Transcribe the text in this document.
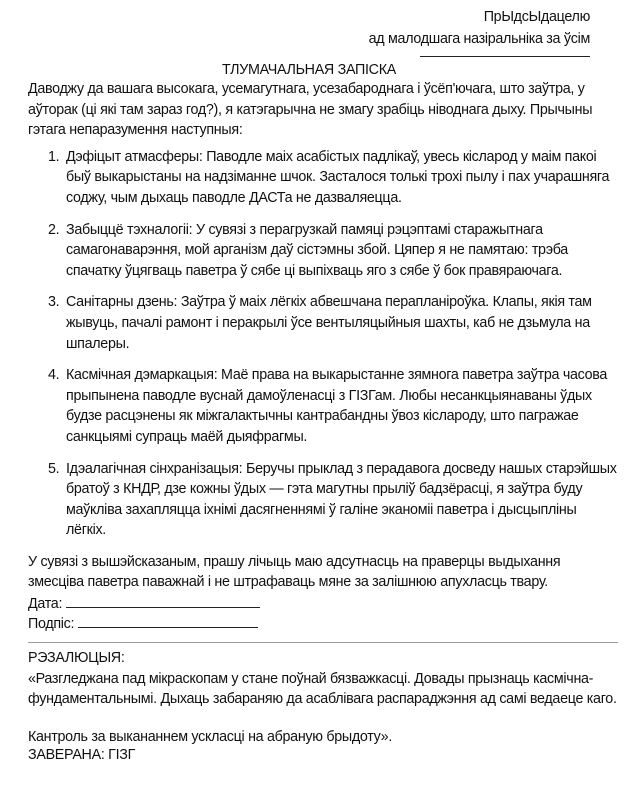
ПрЫдсЫдацелю
ад малодшага назіральніка за ўсім
ТЛУМАЧАЛЬНАЯ ЗАПІСКА
Даводжу да вашага высокага, усемагутнага, усезабароднага і ўсёп'ючага, што заўтра, у аўторак (ці які там зараз год?), я катэгарычна не змагу зрабіць ніводнага дыху. Прычыны гэтага непаразумення наступныя:
1. Дэфіцыт атмасферы: Паводле маіх асабістых падлікаў, увесь кісларод у маім пакоі быў выкарыстаны на надзіманне шчок. Засталося толькі трохі пылу і пах учарашняга соджу, чым дыхаць паводле ДАСТа не дазваляецца.
2. Забыццё тэхналогіі: У сувязі з перагрузкай памяці рэцэптамі старажытнага самагонаварэння, мой арганізм даў сістэмны збой. Цяпер я не памятаю: трэба спачатку ўцягваць паветра ў сябе ці выпіхваць яго з сябе ў бок правяраючага.
3. Санітарны дзень: Заўтра ў маіх лёгкіх абвешчана перапланіроўка. Клапы, якія там жывуць, пачалі рамонт і перакрылі ўсе вентыляцыйныя шахты, каб не дзьмула на шпалеры.
4. Касмічная дэмаркацыя: Маё права на выкарыстанне зямнога паветра заўтра часова прыпынена паводле вуснай дамоўленасці з ГІЗГам. Любы несанкцыянаваны ўдых будзе расцэнены як міжгалактычны кантрабандны ўвоз кіслароду, што пагражае санкцыямі супраць маёй дыяфрагмы.
5. Ідэалагічная сінхранізацыя: Беручы прыклад з перадавога досведу нашых старэйшых братоў з КНДР, дзе кожны ўдых — гэта магутны прыліў бадзёрасці, я заўтра буду маўкліва захапляцца іхнімі дасягненнямі ў галіне эканоміі паветра і дысцыпліны лёгкіх.
У сувязі з вышэйсказаным, прашу лічыць маю адсутнасць на праверцы выдыхання змесціва паветра паважнай і не штрафаваць мяне за залішнюю апухласць твару.
Дата:
Подпіс:
РЭЗАЛЮЦЫЯ:
«Разгледжана пад мікраскопам у стане поўнай бязважкасці. Довады прызнаць касмічна-фундаментальнымі. Дыхаць забараняю да асаблівага распараджэння ад самі ведаеце каго.
Кантроль за выкананнем ускласці на абраную брыдоту».
ЗАВЕРАНА: ГІЗГ
